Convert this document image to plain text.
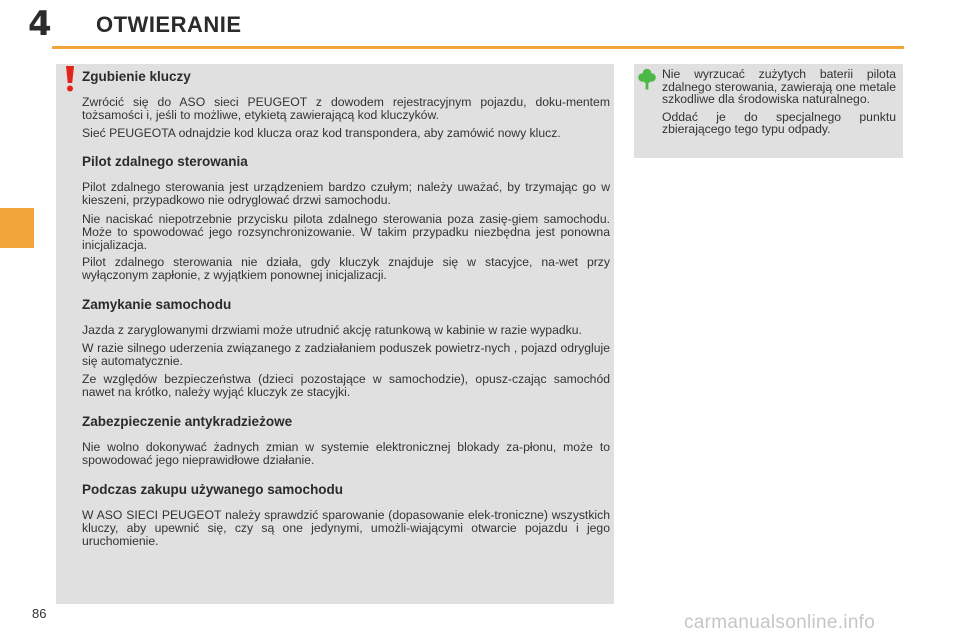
4 OTWIERANIE
Zgubienie kluczy

Zwrócić się do ASO sieci PEUGEOT z dowodem rejestracyjnym pojazdu, doku-mentem tożsamości i, jeśli to możliwe, etykietą zawierającą kod kluczyków.

Sieć PEUGEOTA odnajdzie kod klucza oraz kod transpondera, aby zamówić nowy klucz.

Pilot zdalnego sterowania

Pilot zdalnego sterowania jest urządzeniem bardzo czułym; należy uważać, by trzymając go w kieszeni, przypadkowo nie odryglować drzwi samochodu.

Nie naciskać niepotrzebnie przycisku pilota zdalnego sterowania poza zasię-giem samochodu. Może to spowodować jego rozsynchronizowanie. W takim przypadku niezbędna jest ponowna inicjalizacja.

Pilot zdalnego sterowania nie działa, gdy kluczyk znajduje się w stacyjce, na-wet przy wyłączonym zapłonie, z wyjątkiem ponownej inicjalizacji.

Zamykanie samochodu

Jazda z zaryglowanymi drzwiami może utrudnić akcję ratunkową w kabinie w razie wypadku.

W razie silnego uderzenia związanego z zadziałaniem poduszek powietrz-nych , pojazd odrygluje się automatycznie.

Ze względów bezpieczeństwa (dzieci pozostające w samochodzie), opusz-czając samochód nawet na krótko, należy wyjąć kluczyk ze stacyjki.

Zabezpieczenie antykradzieżowe

Nie wolno dokonywać żadnych zmian w systemie elektronicznej blokady za-płonu, może to spowodować jego nieprawidłowe działanie.

Podczas zakupu używanego samochodu

W ASO SIECI PEUGEOT należy sprawdzić sparowanie (dopasowanie elek-troniczne) wszystkich kluczy, aby upewnić się, czy są one jedynymi, umożli-wiającymi otwarcie pojazdu i jego uruchomienie.

Nie wyrzucać zużytych baterii pilota zdalnego sterowania, zawierają one metale szkodliwe dla środowiska naturalnego.

Oddać je do specjalnego punktu zbierającego tego typu odpady.

86	carmanualsonline.info
